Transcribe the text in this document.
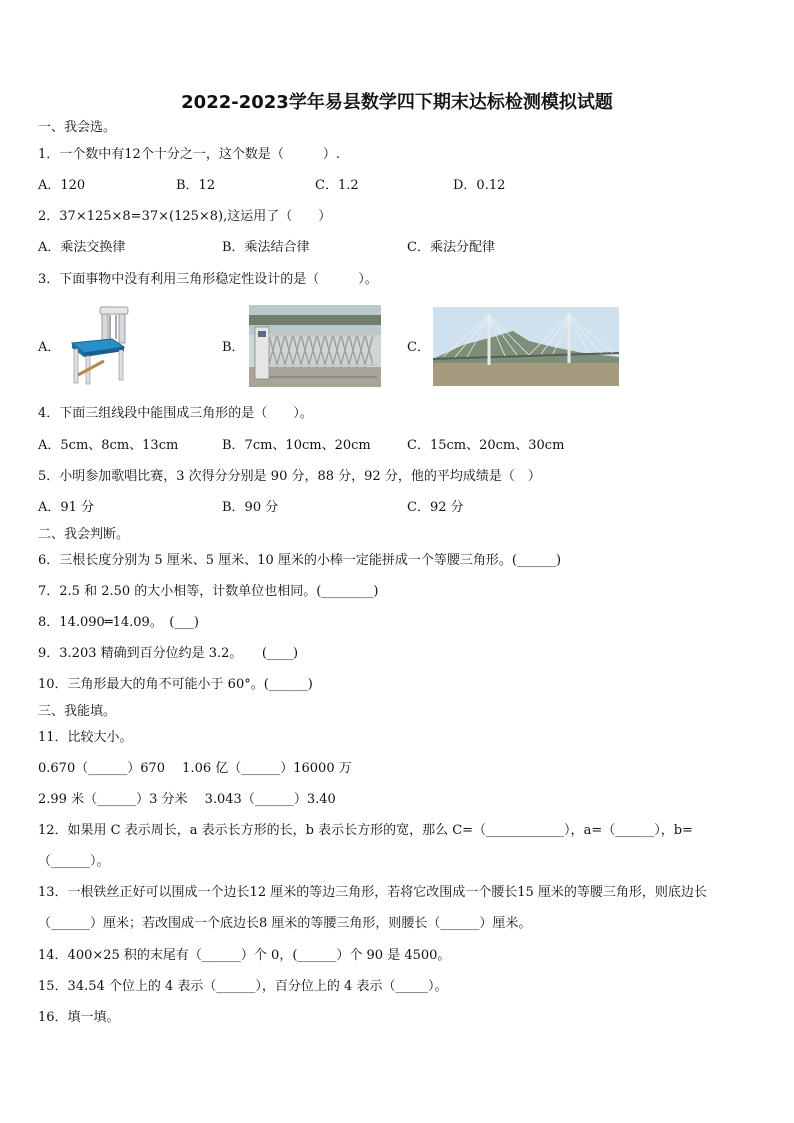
2022-2023学年易县数学四下期末达标检测模拟试题
一、我会选。
1．一个数中有12个十分之一，这个数是（　　　）.
A．120	B．12	C．1.2	D．0.12
2．37×125×8=37×(125×8),这运用了（　　）
A．乘法交换律	B．乘法结合律	C．乘法分配律
3．下面事物中没有利用三角形稳定性设计的是（　　　）。
A．	B．	C．
4．下面三组线段中能围成三角形的是（　　）。
A．5cm、8cm、13cm	B．7cm、10cm、20cm	C．15cm、20cm、30cm
5．小明参加歌唱比赛，3 次得分分别是 90 分，88 分，92 分，他的平均成绩是（　）
A．91 分	B．90 分	C．92 分
二、我会判断。
6．三根长度分别为 5 厘米、5 厘米、10 厘米的小棒一定能拼成一个等腰三角形。(______)
7．2.5 和 2.50 的大小相等，计数单位也相同。(________)
8．14.090═14.09。　(___)
9．3.203 精确到百分位约是 3.2。　　(____)
10．三角形最大的角不可能小于 60°。(______)
三、我能填。
11．比较大小。
0.670（______）670　 1.06 亿（______）16000 万
2.99 米（______）3 分米　 3.043（______）3.40
12．如果用 C 表示周长，a 表示长方形的长，b 表示长方形的宽，那么 C=（____________），a=（______），b=
（______）。
13．一根铁丝正好可以围成一个边长12 厘米的等边三角形，若将它改围成一个腰长15 厘米的等腰三角形，则底边长
（______）厘米；若改围成一个底边长8 厘米的等腰三角形，则腰长（______）厘米。
14．400×25 积的末尾有（______）个 0，(______）个 90 是 4500。
15．34.54 个位上的 4 表示（______），百分位上的 4 表示（_____）。
16．填一填。
